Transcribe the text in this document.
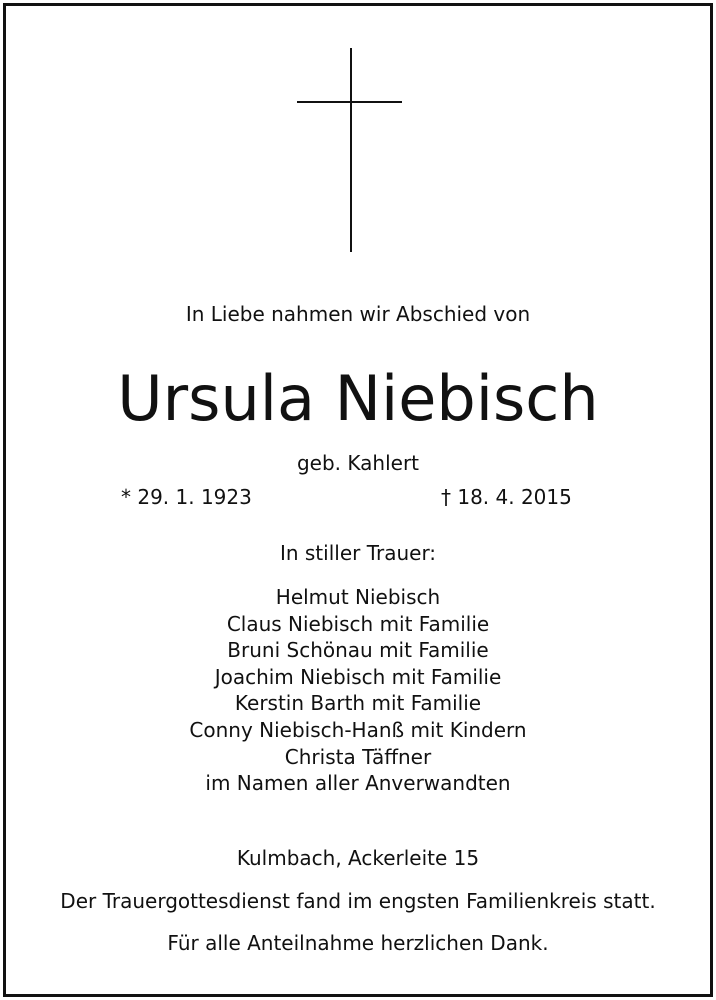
In Liebe nahmen wir Abschied von
Ursula Niebisch
geb. Kahlert
* 29. 1. 1923	† 18. 4. 2015
In stiller Trauer:
Helmut Niebisch
Claus Niebisch mit Familie
Bruni Schönau mit Familie
Joachim Niebisch mit Familie
Kerstin Barth mit Familie
Conny Niebisch-Hanß mit Kindern
Christa Täffner
im Namen aller Anverwandten
Kulmbach, Ackerleite 15
Der Trauergottesdienst fand im engsten Familienkreis statt.
Für alle Anteilnahme herzlichen Dank.
